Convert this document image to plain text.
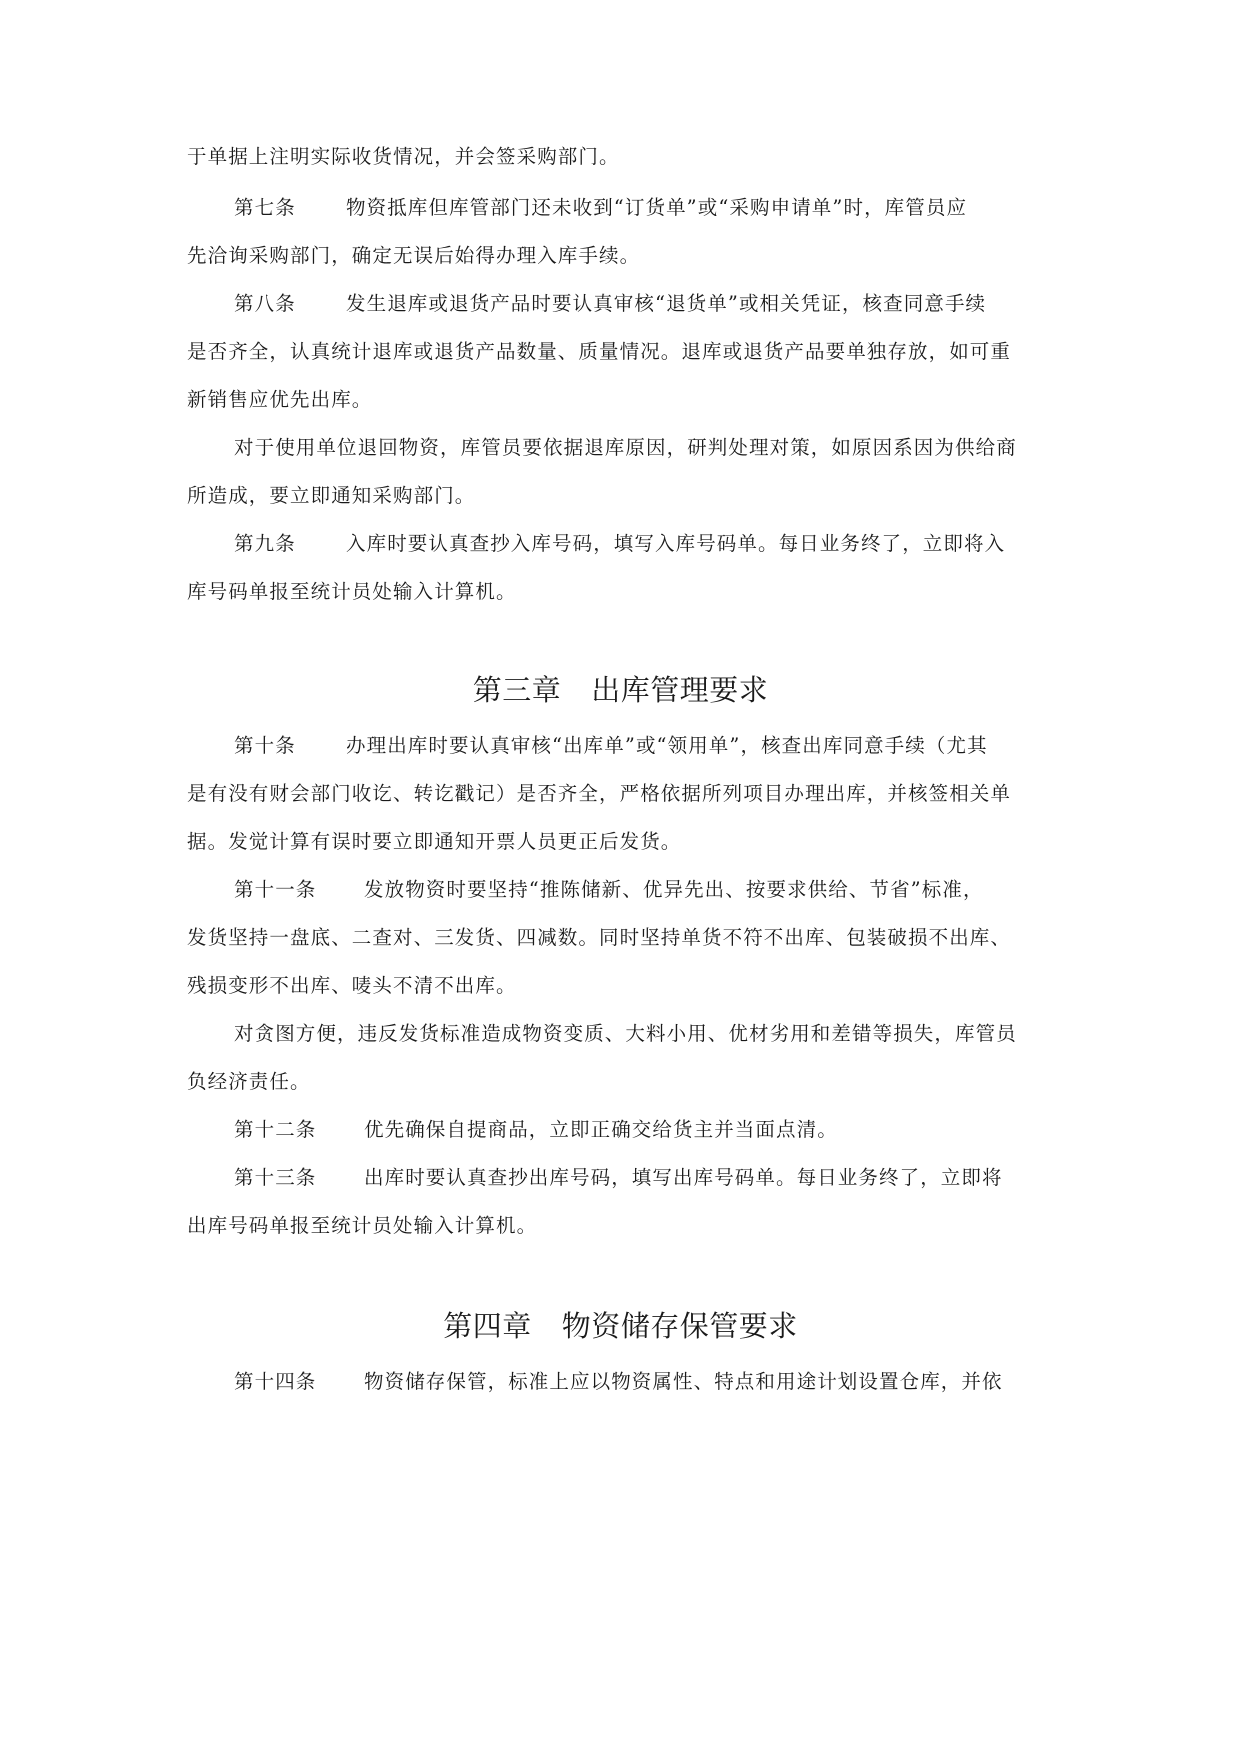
于单据上注明实际收货情况，并会签采购部门。
第七条	物资抵库但库管部门还未收到“订货单”或“采购申请单”时，库管员应
先洽询采购部门，确定无误后始得办理入库手续。
第八条	发生退库或退货产品时要认真审核“退货单”或相关凭证，核查同意手续
是否齐全，认真统计退库或退货产品数量、质量情况。退库或退货产品要单独存放，如可重
新销售应优先出库。
对于使用单位退回物资，库管员要依据退库原因，研判处理对策，如原因系因为供给商
所造成，要立即通知采购部门。
第九条	入库时要认真查抄入库号码，填写入库号码单。每日业务终了，立即将入
库号码单报至统计员处输入计算机。
第三章 出库管理要求
第十条	办理出库时要认真审核“出库单”或“领用单”，核查出库同意手续（尤其
是有没有财会部门收讫、转讫戳记）是否齐全，严格依据所列项目办理出库，并核签相关单
据。发觉计算有误时要立即通知开票人员更正后发货。
第十一条 发放物资时要坚持“推陈储新、优异先出、按要求供给、节省”标准，
发货坚持一盘底、二查对、三发货、四减数。同时坚持单货不符不出库、包装破损不出库、
残损变形不出库、唛头不清不出库。
对贪图方便，违反发货标准造成物资变质、大料小用、优材劣用和差错等损失，库管员
负经济责任。
第十二条 优先确保自提商品，立即正确交给货主并当面点清。
第十三条 出库时要认真查抄出库号码，填写出库号码单。每日业务终了，立即将
出库号码单报至统计员处输入计算机。
第四章 物资储存保管要求
第十四条 物资储存保管，标准上应以物资属性、特点和用途计划设置仓库，并依
